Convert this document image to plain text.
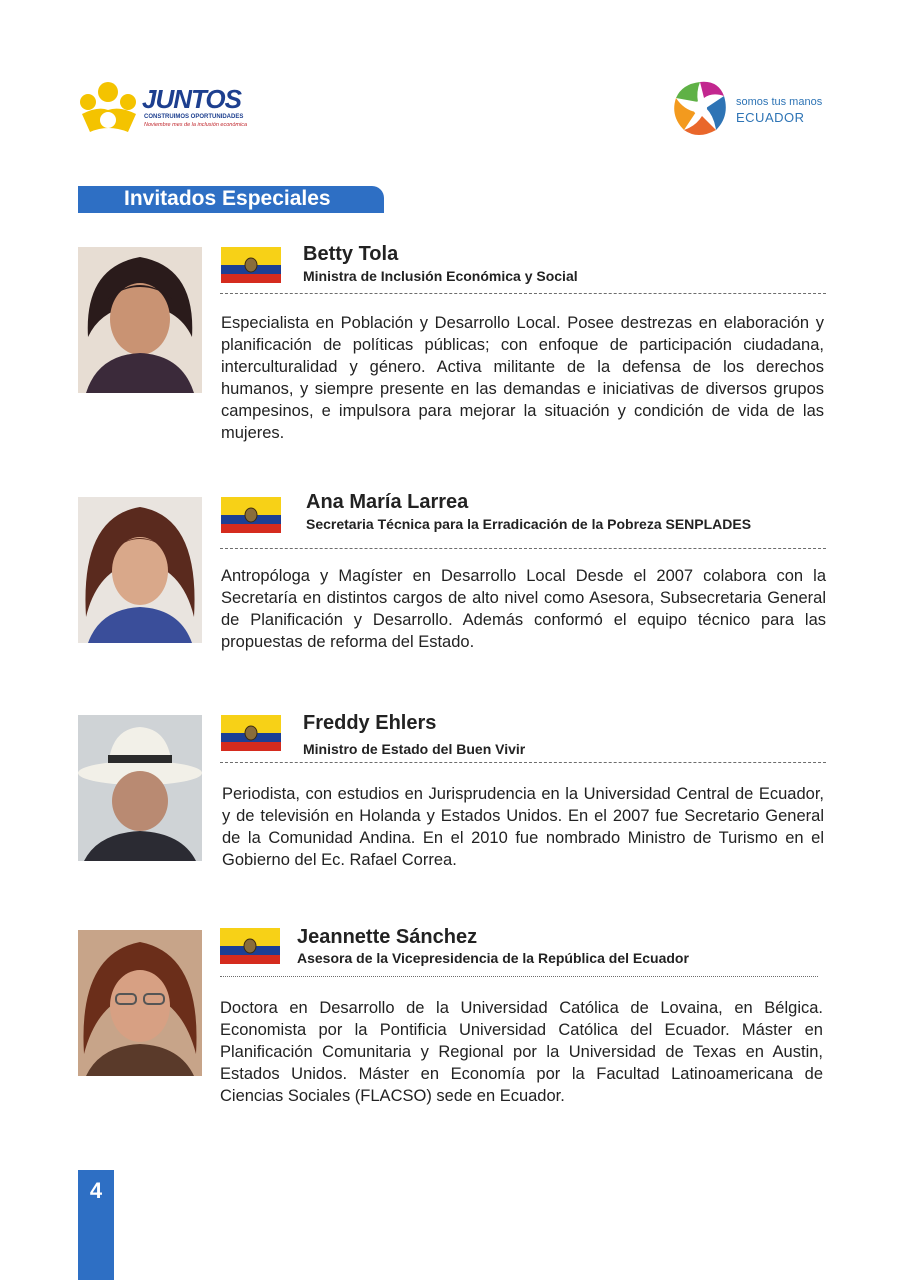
JUNTOS
CONSTRUIMOS OPORTUNIDADES
Noviembre mes de la inclusión económica
somos tus manos
ECUADOR
Invitados Especiales
Betty Tola
Ministra de Inclusión Económica y Social
Especialista en Población y Desarrollo Local. Posee destrezas en elaboración y planificación de políticas públicas; con enfoque de participación ciudadana, interculturalidad y género. Activa militante de la defensa de los derechos humanos, y siempre presente en las demandas e iniciativas de diversos grupos campesinos, e impulsora para mejorar la situación y condición de vida de las mujeres.
Ana María Larrea
Secretaria Técnica para la Erradicación de la Pobreza SENPLADES
Antropóloga y Magíster en Desarrollo Local Desde el 2007 colabora con la Secretaría en distintos cargos de alto nivel como Asesora, Subsecretaria General de Planificación y Desarrollo. Además conformó el equipo técnico para las propuestas de reforma del Estado.
Freddy Ehlers
Ministro de Estado del Buen Vivir
Periodista, con estudios en Jurisprudencia en la Universidad Central de Ecuador, y de televisión en Holanda y Estados Unidos. En el 2007 fue Secretario General de la Comunidad Andina. En el 2010 fue nombrado Ministro de Turismo en el Gobierno del Ec. Rafael Correa.
Jeannette Sánchez
Asesora de la Vicepresidencia de la República del Ecuador
Doctora en Desarrollo de la Universidad Católica de Lovaina, en Bélgica. Economista por la Pontificia Universidad Católica del Ecuador. Máster en Planificación Comunitaria y Regional por la Universidad de Texas en Austin, Estados Unidos. Máster en Economía por la Facultad Latinoamericana de Ciencias Sociales (FLACSO) sede en Ecuador.
4
